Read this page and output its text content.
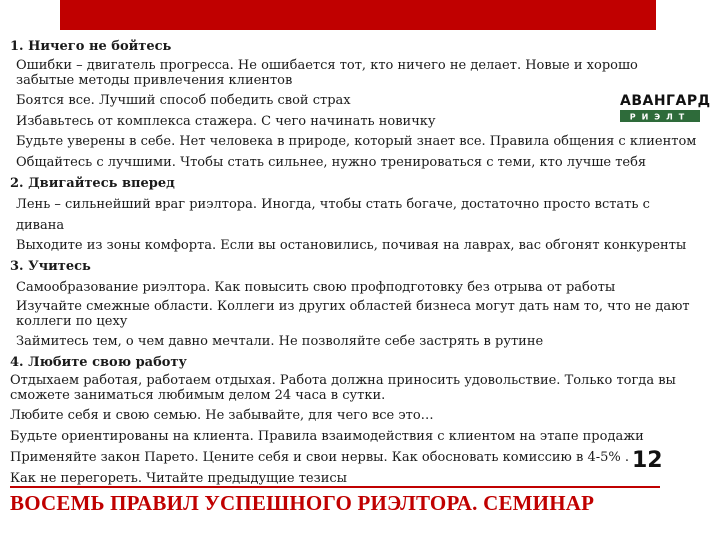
АВАНГАРД
РИЭЛТ

1. Ничего не бойтесь

Ошибки – двигатель прогресса. Не ошибается тот, кто ничего не делает. Новые и хорошо забытые методы привлечения клиентов

Боятся все. Лучший способ победить свой страх

Избавьтесь от комплекса стажера. С чего начинать новичку

Будьте уверены в себе. Нет человека в природе, который знает все. Правила общения с клиентом

Общайтесь с лучшими. Чтобы стать сильнее, нужно тренироваться с теми, кто лучше тебя

2. Двигайтесь вперед

Лень – сильнейший враг риэлтора. Иногда, чтобы стать богаче, достаточно просто встать с дивана

Выходите из зоны комфорта. Если вы остановились, почивая на лаврах, вас обгонят конкуренты

3. Учитесь

Самообразование риэлтора. Как повысить свою профподготовку без отрыва от работы

Изучайте смежные области. Коллеги из других областей бизнеса могут дать нам то, что не дают коллеги по цеху

Займитесь тем, о чем давно мечтали. Не позволяйте себе застрять в рутине

4. Любите свою работу

Отдыхаем работая, работаем отдыхая. Работа должна приносить удовольствие. Только тогда вы сможете заниматься любимым делом 24 часа в сутки.

Любите себя и свою семью. Не забывайте, для чего все это…

Будьте ориентированы на клиента. Правила взаимодействия с клиентом на этапе продажи

Применяйте закон Парето. Цените себя и свои нервы. Как обосновать комиссию в 4-5% .

Как не перегореть. Читайте предыдущие тезисы

12
ВОСЕМЬ ПРАВИЛ УСПЕШНОГО РИЭЛТОРА. СЕМИНАР
